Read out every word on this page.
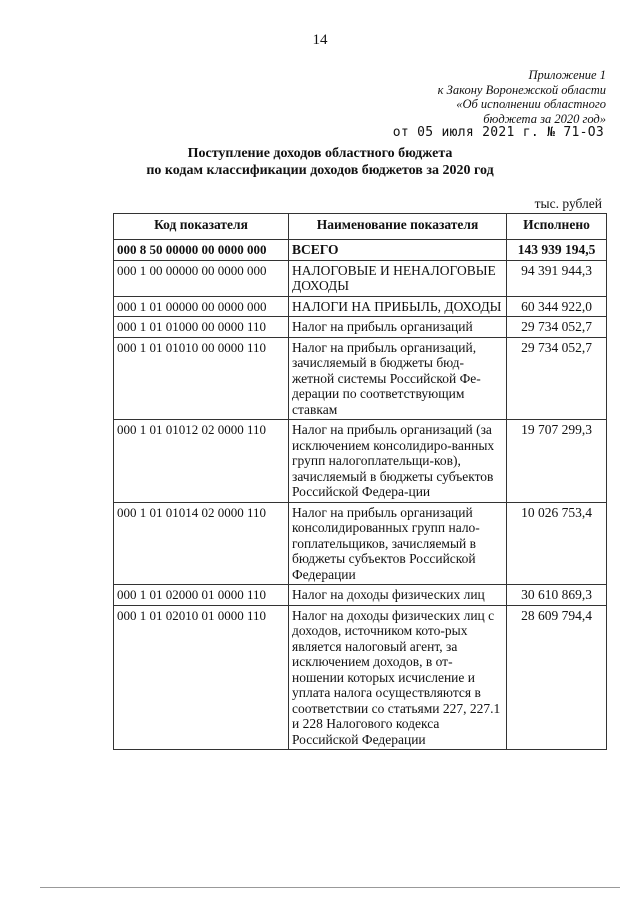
14
Приложение 1
к Закону Воронежской области
«Об исполнении областного
бюджета за 2020 год»
от 05 июля 2021 г. № 71-ОЗ
Поступление доходов областного бюджета
по кодам классификации доходов бюджетов за 2020 год
тыс. рублей
Код показателя	Наименование показателя	Исполнено
000 8 50 00000 00 0000 000	ВСЕГО	143 939 194,5
000 1 00 00000 00 0000 000	НАЛОГОВЫЕ И НЕНАЛОГОВЫЕ ДОХОДЫ	94 391 944,3
000 1 01 00000 00 0000 000	НАЛОГИ НА ПРИБЫЛЬ, ДОХОДЫ	60 344 922,0
000 1 01 01000 00 0000 110	Налог на прибыль организаций	29 734 052,7
000 1 01 01010 00 0000 110	Налог на прибыль организаций, зачисляемый в бюджеты бюд-жетной системы Российской Фе-дерации по соответствующим ставкам	29 734 052,7
000 1 01 01012 02 0000 110	Налог на прибыль организаций (за исключением консолидиро-ванных групп налогоплательщи-ков), зачисляемый в бюджеты субъектов Российской Федера-ции	19 707 299,3
000 1 01 01014 02 0000 110	Налог на прибыль организаций консолидированных групп нало-гоплательщиков, зачисляемый в бюджеты субъектов Российской Федерации	10 026 753,4
000 1 01 02000 01 0000 110	Налог на доходы физических лиц	30 610 869,3
000 1 01 02010 01 0000 110	Налог на доходы физических лиц с доходов, источником кото-рых является налоговый агент, за исключением доходов, в от-ношении которых исчисление и уплата налога осуществляются в соответствии со статьями 227, 227.1 и 228 Налогового кодекса Российской Федерации	28 609 794,4
